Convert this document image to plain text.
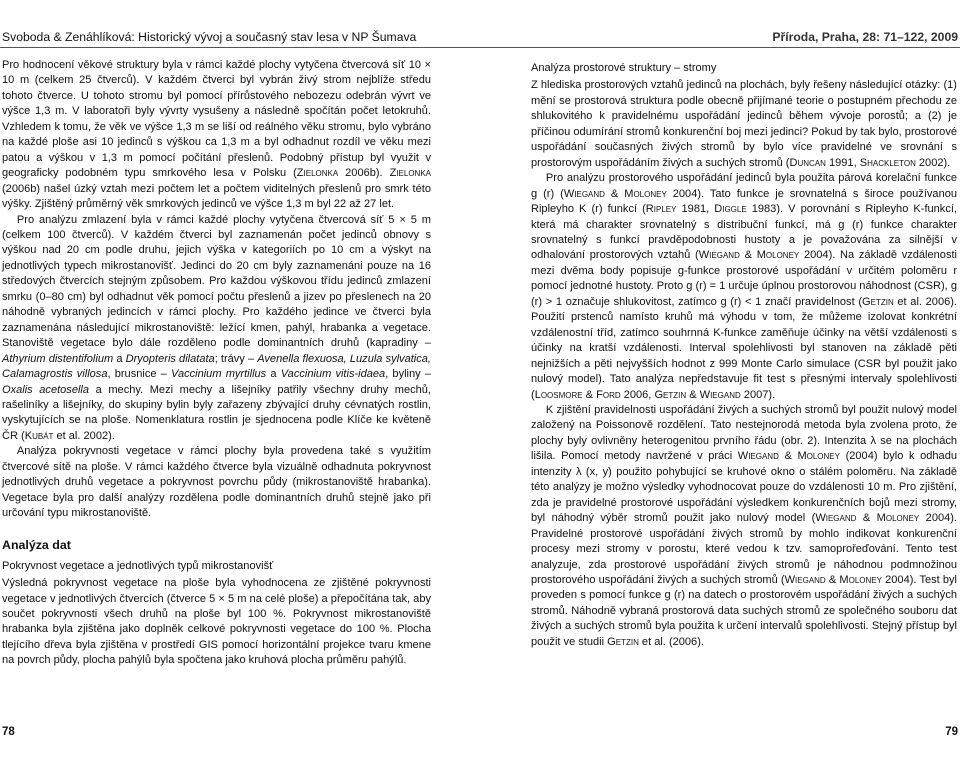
Svoboda & Zenáhlíková: Historický vývoj a současný stav lesa v NP Šumava	Příroda, Praha, 28: 71–122, 2009

Pro hodnocení věkové struktury byla v rámci každé plochy vytyčena čtvercová síť 10 × 10 m (celkem 25 čtverců). V každém čtverci byl vybrán živý strom nejblíže středu tohoto čtverce. U tohoto stromu byl pomocí přírůstového nebozezu odebrán vývrt ve výšce 1,3 m. V laboratoři byly vývrty vysušeny a následně spočítán počet letokruhů. Vzhledem k tomu, že věk ve výšce 1,3 m se liší od reálného věku stromu, bylo vybráno na každé ploše asi 10 jedinců s výškou ca 1,3 m a byl odhadnut rozdíl ve věku mezi patou a výškou v 1,3 m pomocí počítání přeslenů. Podobný přístup byl využit v geograficky podobném typu smrkového lesa v Polsku (Zielonka 2006b). Zielonka (2006b) našel úzký vztah mezi počtem let a počtem viditelných přeslenů pro smrk této výšky. Zjištěný průměrný věk smrkových jedinců ve výšce 1,3 m byl 22 až 27 let.

Pro analýzu zmlazení byla v rámci každé plochy vytyčena čtvercová síť 5 × 5 m (celkem 100 čtverců). V každém čtverci byl zaznamenán počet jedinců obnovy s výškou nad 20 cm podle druhu, jejich výška v kategoriích po 10 cm a výskyt na jednotlivých typech mikrostanovišť. Jedinci do 20 cm byly zaznamenáni pouze na 16 středových čtvercích stejným způsobem. Pro každou výškovou třídu jedinců zmlazení smrku (0–80 cm) byl odhadnut věk pomocí počtu přeslenů a jizev po přeslenech na 20 náhodně vybraných jedincích v rámci plochy. Pro každého jedince ve čtverci byla zaznamenána následující mikrostanoviště: ležící kmen, pahýl, hrabanka a vegetace. Stanoviště vegetace bylo dále rozděleno podle dominantních druhů (kapradiny – Athyrium distentifolium a Dryopteris dilatata; trávy – Avenella flexuosa, Luzula sylvatica, Calamagrostis villosa, brusnice – Vaccinium myrtillus a Vaccinium vitis-idaea, byliny – Oxalis acetosella a mechy. Mezi mechy a lišejníky patřily všechny druhy mechů, rašeliníky a lišejníky, do skupiny bylin byly zařazeny zbývající druhy cévnatých rostlin, vyskytujících se na ploše. Nomenklatura rostlin je sjednocena podle Klíče ke květeně ČR (Kubát et al. 2002).

Analýza pokryvnosti vegetace v rámci plochy byla provedena také s využitím čtvercové sítě na ploše. V rámci každého čtverce byla vizuálně odhadnuta pokryvnost jednotlivých druhů vegetace a pokryvnost povrchu půdy (mikrostanoviště hrabanka). Vegetace byla pro další analýzy rozdělena podle dominantních druhů stejně jako při určování typu mikrostanoviště.

Analýza dat
Pokryvnost vegetace a jednotlivých typů mikrostanovišť

Výsledná pokryvnost vegetace na ploše byla vyhodnocena ze zjištěné pokryvnosti vegetace v jednotlivých čtvercích (čtverce 5 × 5 m na celé ploše) a přepočítána tak, aby součet pokryvnosti všech druhů na ploše byl 100 %. Pokryvnost mikrostanoviště hrabanka byla zjištěna jako doplněk celkové pokryvnosti vegetace do 100 %. Plocha tlejícího dřeva byla zjištěna v prostředí GIS pomocí horizontální projekce tvaru kmene na povrch půdy, plocha pahýlů byla spočtena jako kruhová plocha průměru pahýlů.

Analýza prostorové struktury – stromy

Z hlediska prostorových vztahů jedinců na plochách, byly řešeny následující otázky: (1) mění se prostorová struktura podle obecně přijímané teorie o postupném přechodu ze shlukovitého k pravidelnému uspořádání jedinců během vývoje porostů; a (2) je příčinou odumírání stromů konkurenční boj mezi jedinci? Pokud by tak bylo, prostorové uspořádání současných živých stromů by bylo více pravidelné ve srovnání s prostorovým uspořádáním živých a suchých stromů (Duncan 1991, Shackleton 2002).

Pro analýzu prostorového uspořádání jedinců byla použita párová korelační funkce g (r) (Wiegand & Moloney 2004). Tato funkce je srovnatelná s široce používanou Ripleyho K (r) funkcí (Ripley 1981, Diggle 1983). V porovnání s Ripleyho K-funkcí, která má charakter srovnatelný s distribuční funkcí, má g (r) funkce charakter srovnatelný s funkcí pravděpodobnosti hustoty a je považována za silnější v odhalování prostorových vztahů (Wiegand & Moloney 2004). Na základě vzdálenosti mezi dvěma body popisuje g-funkce prostorové uspořádání v určitém poloměru r pomocí jednotné hustoty. Proto g (r) = 1 určuje úplnou prostorovou náhodnost (CSR), g (r) > 1 označuje shlukovitost, zatímco g (r) < 1 značí pravidelnost (Getzin et al. 2006). Použití prstenců namísto kruhů má výhodu v tom, že můžeme izolovat konkrétní vzdálenostní tříd, zatímco souhrnná K-funkce zaměňuje účinky na větší vzdálenosti s účinky na kratší vzdálenosti. Interval spolehlivosti byl stanoven na základě pěti nejnižších a pěti nejvyšších hodnot z 999 Monte Carlo simulace (CSR byl použit jako nulový model). Tato analýza nepředstavuje fit test s přesnými intervaly spolehlivosti (Loosmore & Ford 2006, Getzin & Wiegand 2007).

K zjištění pravidelnosti uspořádání živých a suchých stromů byl použit nulový model založený na Poissonově rozdělení. Tato nestejnorodá metoda byla zvolena proto, že plochy byly ovlivněny heterogenitou prvního řádu (obr. 2). Intenzita λ se na plochách lišila. Pomocí metody navržené v práci Wiegand & Moloney (2004) bylo k odhadu intenzity λ (x, y) použito pohybující se kruhové okno o stálém poloměru. Na základě této analýzy je možno výsledky vyhodnocovat pouze do vzdálenosti 10 m. Pro zjištění, zda je pravidelné prostorové uspořádání výsledkem konkurenčních bojů mezi stromy, byl náhodný výběr stromů použit jako nulový model (Wiegand & Moloney 2004). Pravidelné prostorové uspořádání živých stromů by mohlo indikovat konkurenční procesy mezi stromy v porostu, které vedou k tzv. samoprořeďování. Tento test analyzuje, zda prostorové uspořádání živých stromů je náhodnou podmnožinou prostorového uspořádání živých a suchých stromů (Wiegand & Moloney 2004). Test byl proveden s pomocí funkce g (r) na datech o prostorovém uspořádání živých a suchých stromů. Náhodně vybraná prostorová data suchých stromů ze společného souboru dat živých a suchých stromů byla použita k určení intervalů spolehlivosti. Stejný přístup byl použit ve studii Getzin et al. (2006).

78	79
